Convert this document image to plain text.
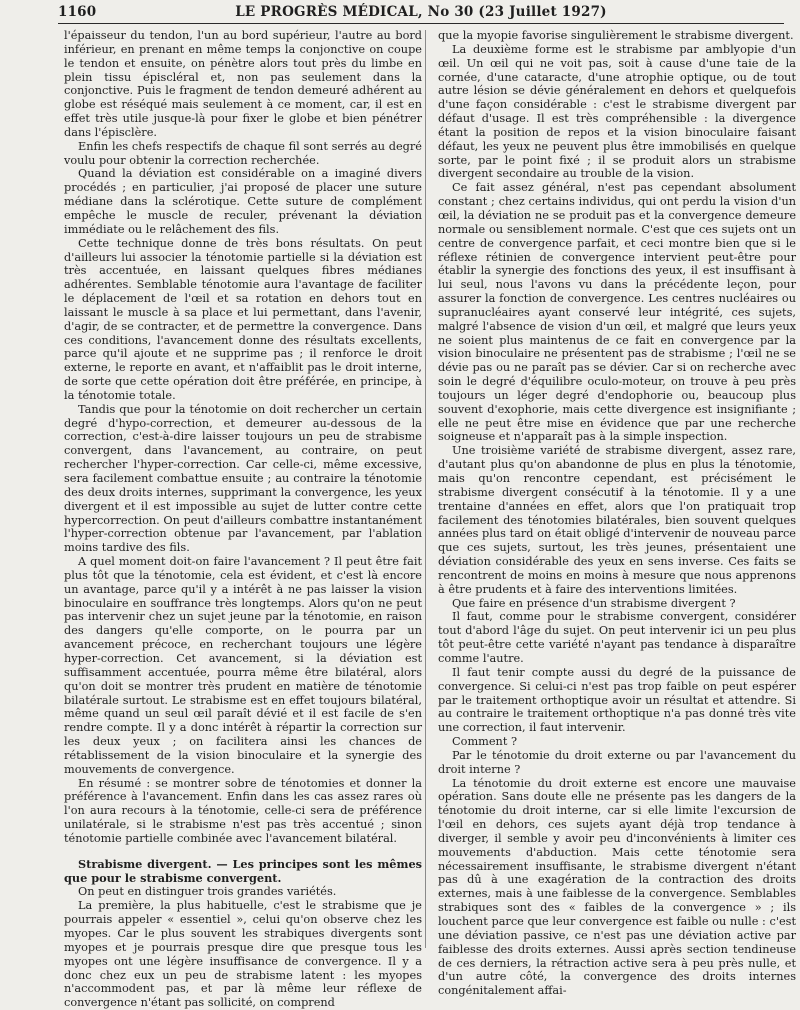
1160	LE PROGRÈS MÉDICAL, No 30 (23 Juillet 1927)

l'épaisseur du tendon, l'un au bord supérieur, l'autre au bord inférieur, en prenant en même temps la conjonctive on coupe le tendon et ensuite, on pénètre alors tout près du limbe en plein tissu épiscléral et, non pas seulement dans la conjonctive. Puis le fragment de tendon demeuré adhérent au globe est réséqué mais seulement à ce moment, car, il est en effet très utile jusque-là pour fixer le globe et bien pénétrer dans l'épisclère.

Enfin les chefs respectifs de chaque fil sont serrés au degré voulu pour obtenir la correction recherchée.

Quand la déviation est considérable on a imaginé divers procédés ; en particulier, j'ai proposé de placer une suture médiane dans la sclérotique. Cette suture de complément empêche le muscle de reculer, prévenant la déviation immédiate ou le relâchement des fils.

Cette technique donne de très bons résultats. On peut d'ailleurs lui associer la ténotomie partielle si la déviation est très accentuée, en laissant quelques fibres médianes adhérentes. Semblable ténotomie aura l'avantage de faciliter le déplacement de l'œil et sa rotation en dehors tout en laissant le muscle à sa place et lui permettant, dans l'avenir, d'agir, de se contracter, et de permettre la convergence. Dans ces conditions, l'avancement donne des résultats excellents, parce qu'il ajoute et ne supprime pas ; il renforce le droit externe, le reporte en avant, et n'affaiblit pas le droit interne, de sorte que cette opération doit être préférée, en principe, à la ténotomie totale.

Tandis que pour la ténotomie on doit rechercher un certain degré d'hypo-correction, et demeurer au-dessous de la correction, c'est-à-dire laisser toujours un peu de strabisme convergent, dans l'avancement, au contraire, on peut rechercher l'hyper-correction. Car celle-ci, même excessive, sera facilement combattue ensuite ; au contraire la ténotomie des deux droits internes, supprimant la convergence, les yeux divergent et il est impossible au sujet de lutter contre cette hypercorrection. On peut d'ailleurs combattre instantanément l'hyper-correction obtenue par l'avancement, par l'ablation moins tardive des fils.

A quel moment doit-on faire l'avancement ? Il peut être fait plus tôt que la ténotomie, cela est évident, et c'est là encore un avantage, parce qu'il y a intérêt à ne pas laisser la vision binoculaire en souffrance très longtemps. Alors qu'on ne peut pas intervenir chez un sujet jeune par la ténotomie, en raison des dangers qu'elle comporte, on le pourra par un avancement précoce, en recherchant toujours une légère hyper-correction. Cet avancement, si la déviation est suffisamment accentuée, pourra même être bilatéral, alors qu'on doit se montrer très prudent en matière de ténotomie bilatérale surtout. Le strabisme est en effet toujours bilatéral, même quand un seul œil paraît dévié et il est facile de s'en rendre compte. Il y a donc intérêt à répartir la correction sur les deux yeux ; on facilitera ainsi les chances de rétablissement de la vision binoculaire et la synergie des mouvements de convergence.

En résumé : se montrer sobre de ténotomies et donner la préférence à l'avancement. Enfin dans les cas assez rares où l'on aura recours à la ténotomie, celle-ci sera de préférence unilatérale, si le strabisme n'est pas très accentué ; sinon ténotomie partielle combinée avec l'avancement bilatéral.

Strabisme divergent. — Les principes sont les mêmes que pour le strabisme convergent.

On peut en distinguer trois grandes variétés.

La première, la plus habituelle, c'est le strabisme que je pourrais appeler « essentiel », celui qu'on observe chez les myopes. Car le plus souvent les strabiques divergents sont myopes et je pourrais presque dire que presque tous les myopes ont une légère insuffisance de convergence. Il y a donc chez eux un peu de strabisme latent : les myopes n'accommodent pas, et par là même leur réflexe de convergence n'étant pas sollicité, on comprend

que la myopie favorise singulièrement le strabisme divergent.

La deuxième forme est le strabisme par amblyopie d'un œil. Un œil qui ne voit pas, soit à cause d'une taie de la cornée, d'une cataracte, d'une atrophie optique, ou de tout autre lésion se dévie généralement en dehors et quelquefois d'une façon considérable : c'est le strabisme divergent par défaut d'usage. Il est très compréhensible : la divergence étant la position de repos et la vision binoculaire faisant défaut, les yeux ne peuvent plus être immobilisés en quelque sorte, par le point fixé ; il se produit alors un strabisme divergent secondaire au trouble de la vision.

Ce fait assez général, n'est pas cependant absolument constant ; chez certains individus, qui ont perdu la vision d'un œil, la déviation ne se produit pas et la convergence demeure normale ou sensiblement normale. C'est que ces sujets ont un centre de convergence parfait, et ceci montre bien que si le réflexe rétinien de convergence intervient peut-être pour établir la synergie des fonctions des yeux, il est insuffisant à lui seul, nous l'avons vu dans la précédente leçon, pour assurer la fonction de convergence. Les centres nucléaires ou supranucléaires ayant conservé leur intégrité, ces sujets, malgré l'absence de vision d'un œil, et malgré que leurs yeux ne soient plus maintenus de ce fait en convergence par la vision binoculaire ne présentent pas de strabisme ; l'œil ne se dévie pas ou ne paraît pas se dévier. Car si on recherche avec soin le degré d'équilibre oculo-moteur, on trouve à peu près toujours un léger degré d'endophorie ou, beaucoup plus souvent d'exophorie, mais cette divergence est insignifiante ; elle ne peut être mise en évidence que par une recherche soigneuse et n'apparaît pas à la simple inspection.

Une troisième variété de strabisme divergent, assez rare, d'autant plus qu'on abandonne de plus en plus la ténotomie, mais qu'on rencontre cependant, est précisément le strabisme divergent consécutif à la ténotomie. Il y a une trentaine d'années en effet, alors que l'on pratiquait trop facilement des ténotomies bilatérales, bien souvent quelques années plus tard on était obligé d'intervenir de nouveau parce que ces sujets, surtout, les très jeunes, présentaient une déviation considérable des yeux en sens inverse. Ces faits se rencontrent de moins en moins à mesure que nous apprenons à être prudents et à faire des interventions limitées.

Que faire en présence d'un strabisme divergent ?

Il faut, comme pour le strabisme convergent, considérer tout d'abord l'âge du sujet. On peut intervenir ici un peu plus tôt peut-être cette variété n'ayant pas tendance à disparaître comme l'autre.

Il faut tenir compte aussi du degré de la puissance de convergence. Si celui-ci n'est pas trop faible on peut espérer par le traitement orthoptique avoir un résultat et attendre. Si au contraire le traitement orthoptique n'a pas donné très vite une correction, il faut intervenir.

Comment ?

Par le ténotomie du droit externe ou par l'avancement du droit interne ?

La ténotomie du droit externe est encore une mauvaise opération. Sans doute elle ne présente pas les dangers de la ténotomie du droit interne, car si elle limite l'excursion de l'œil en dehors, ces sujets ayant déjà trop tendance à diverger, il semble y avoir peu d'inconvénients à limiter ces mouvements d'abduction. Mais cette ténotomie sera nécessairement insuffisante, le strabisme divergent n'étant pas dû à une exagération de la contraction des droits externes, mais à une faiblesse de la convergence. Semblables strabiques sont des « faibles de la convergence » ; ils louchent parce que leur convergence est faible ou nulle : c'est une déviation passive, ce n'est pas une déviation active par faiblesse des droits externes. Aussi après section tendineuse de ces derniers, la rétraction active sera à peu près nulle, et d'un autre côté, la convergence des droits internes congénitalement affai-
